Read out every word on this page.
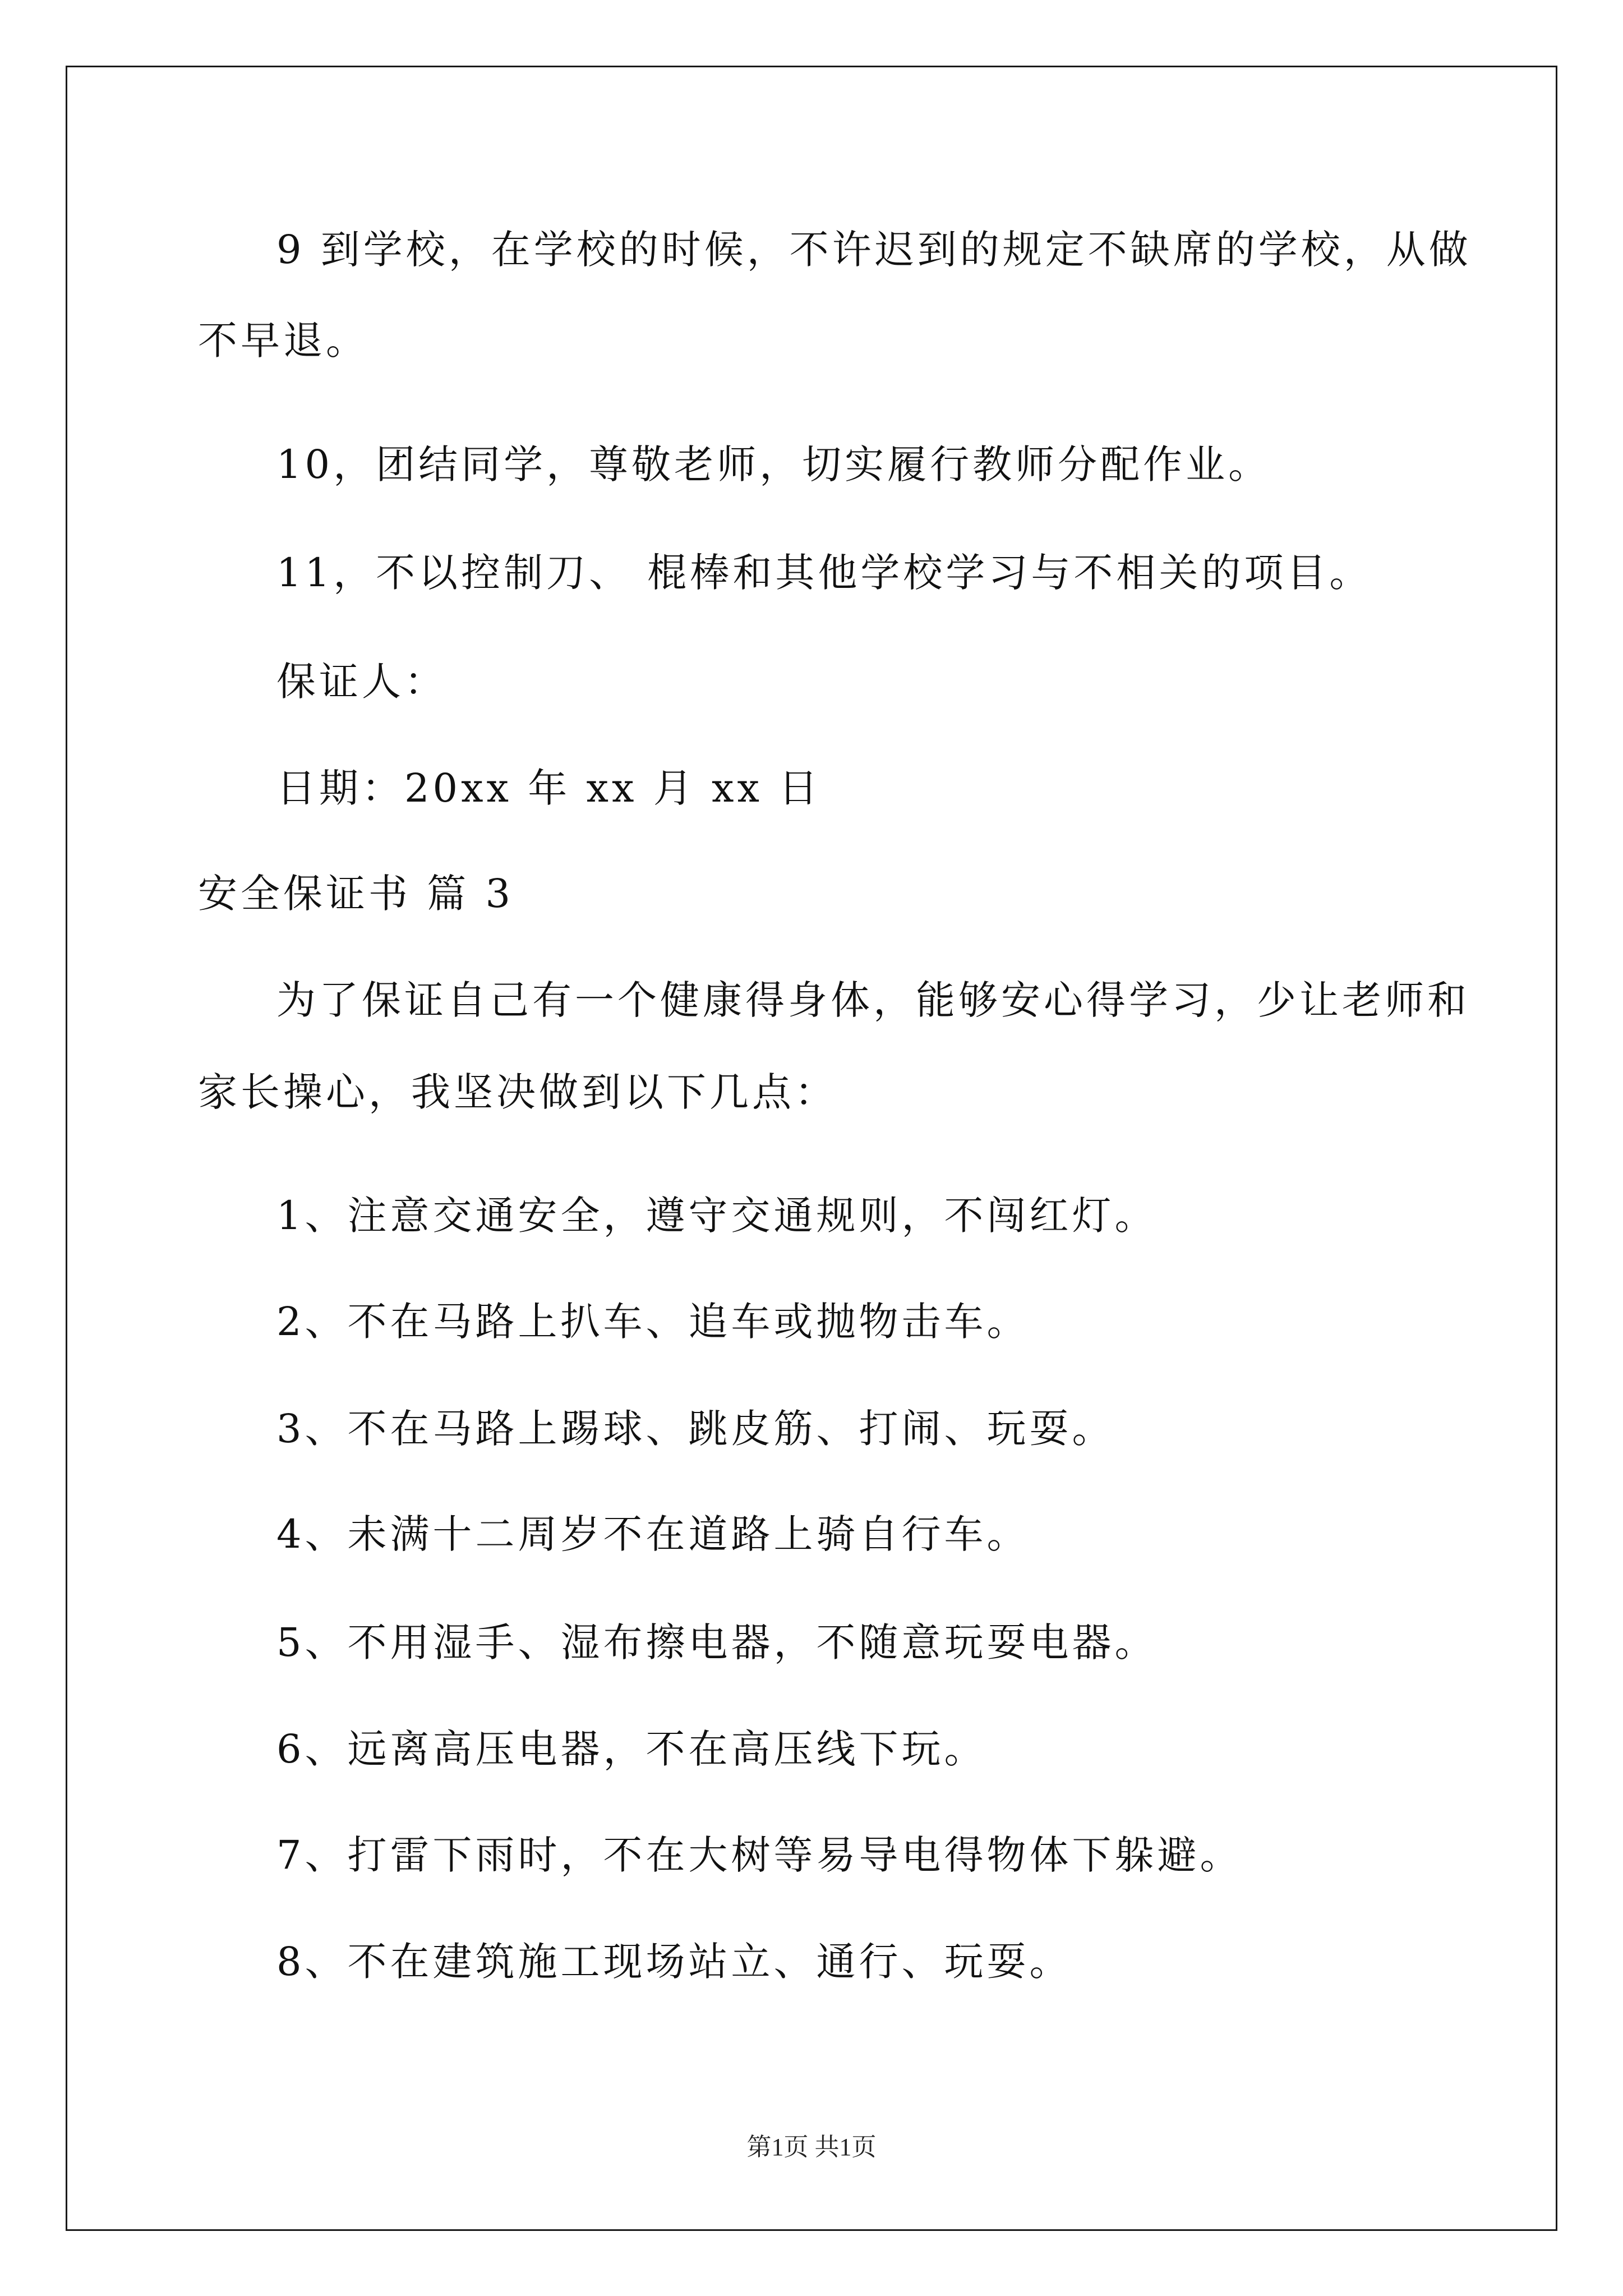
9 到学校，在学校的时候，不许迟到的规定不缺席的学校，从做
不早退。
10，团结同学，尊敬老师，切实履行教师分配作业。
11，不以控制刀、 棍棒和其他学校学习与不相关的项目。
保证人：
日期：20xx 年 xx 月 xx 日
安全保证书 篇 3
为了保证自己有一个健康得身体，能够安心得学习，少让老师和
家长操心，我坚决做到以下几点：
1、注意交通安全，遵守交通规则，不闯红灯。
2、不在马路上扒车、追车或抛物击车。
3、不在马路上踢球、跳皮筋、打闹、玩耍。
4、未满十二周岁不在道路上骑自行车。
5、不用湿手、湿布擦电器，不随意玩耍电器。
6、远离高压电器，不在高压线下玩。
7、打雷下雨时，不在大树等易导电得物体下躲避。
8、不在建筑施工现场站立、通行、玩耍。
第1页 共1页
